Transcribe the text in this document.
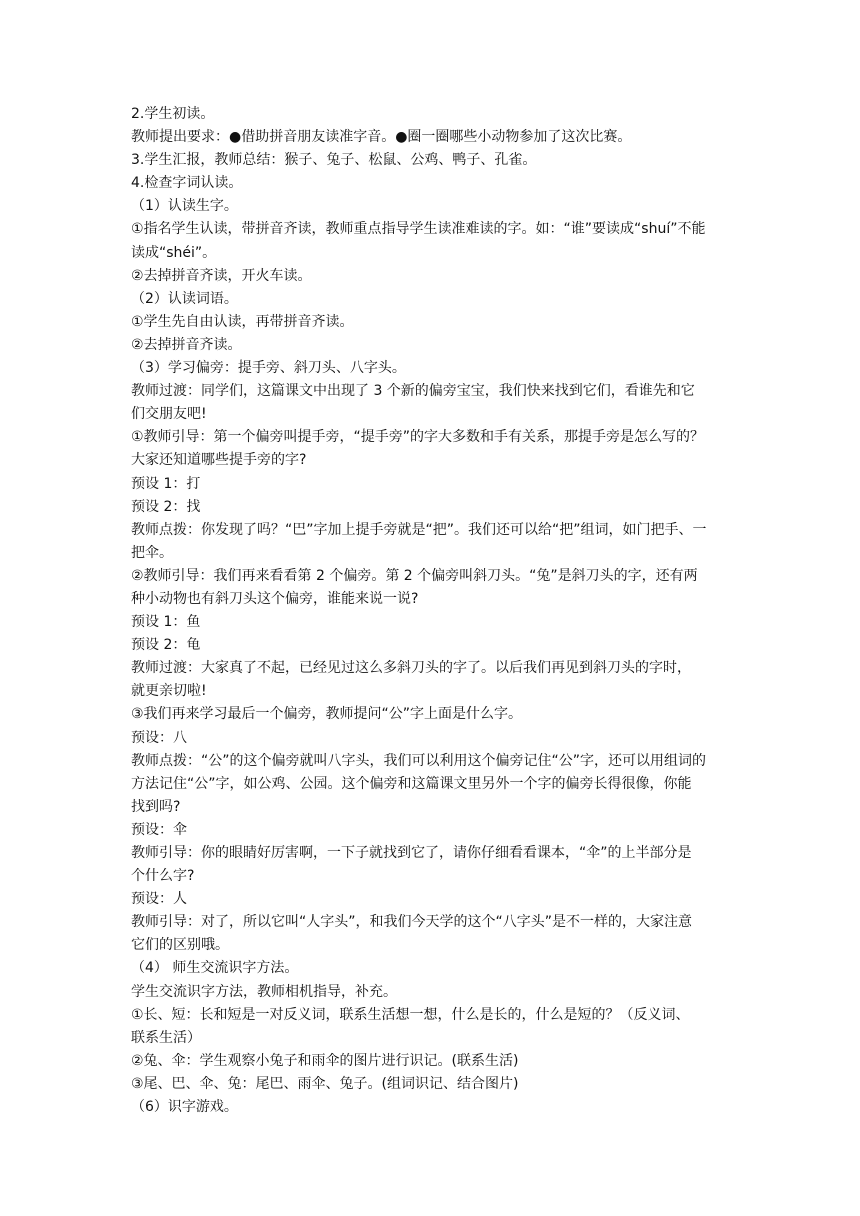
2.学生初读。
教师提出要求：●借助拼音朋友读准字音。●圈一圈哪些小动物参加了这次比赛。
3.学生汇报，教师总结：猴子、兔子、松鼠、公鸡、鸭子、孔雀。
4.检查字词认读。
（1）认读生字。
①指名学生认读，带拼音齐读，教师重点指导学生读准难读的字。如：“谁”要读成“shuí”不能
读成“shéi”。
②去掉拼音齐读，开火车读。
（2）认读词语。
①学生先自由认读，再带拼音齐读。
②去掉拼音齐读。
（3）学习偏旁：提手旁、斜刀头、八字头。
教师过渡：同学们，这篇课文中出现了 3 个新的偏旁宝宝，我们快来找到它们，看谁先和它
们交朋友吧!
①教师引导：第一个偏旁叫提手旁，“提手旁”的字大多数和手有关系，那提手旁是怎么写的？
大家还知道哪些提手旁的字?
预设 1：打
预设 2：找
教师点拨：你发现了吗？“巴”字加上提手旁就是“把”。我们还可以给“把”组词，如门把手、一
把伞。
②教师引导：我们再来看看第 2 个偏旁。第 2 个偏旁叫斜刀头。“兔”是斜刀头的字，还有两
种小动物也有斜刀头这个偏旁，谁能来说一说?
预设 1：鱼
预设 2：龟
教师过渡：大家真了不起，已经见过这么多斜刀头的字了。以后我们再见到斜刀头的字时，
就更亲切啦!
③我们再来学习最后一个偏旁，教师提问“公”字上面是什么字。
预设：八
教师点拨：“公”的这个偏旁就叫八字头，我们可以利用这个偏旁记住“公”字，还可以用组词的
方法记住“公”字，如公鸡、公园。这个偏旁和这篇课文里另外一个字的偏旁长得很像，你能
找到吗?
预设：伞
教师引导：你的眼睛好厉害啊，一下子就找到它了，请你仔细看看课本，“伞”的上半部分是
个什么字?
预设：人
教师引导：对了，所以它叫“人字头”，和我们今天学的这个“八字头”是不一样的，大家注意
它们的区别哦。
（4） 师生交流识字方法。
学生交流识字方法，教师相机指导，补充。
①长、短：长和短是一对反义词，联系生活想一想，什么是长的，什么是短的？（反义词、
联系生活）
②兔、伞：学生观察小兔子和雨伞的图片进行识记。(联系生活)
③尾、巴、伞、兔：尾巴、雨伞、兔子。(组词识记、结合图片)
（6）识字游戏。
